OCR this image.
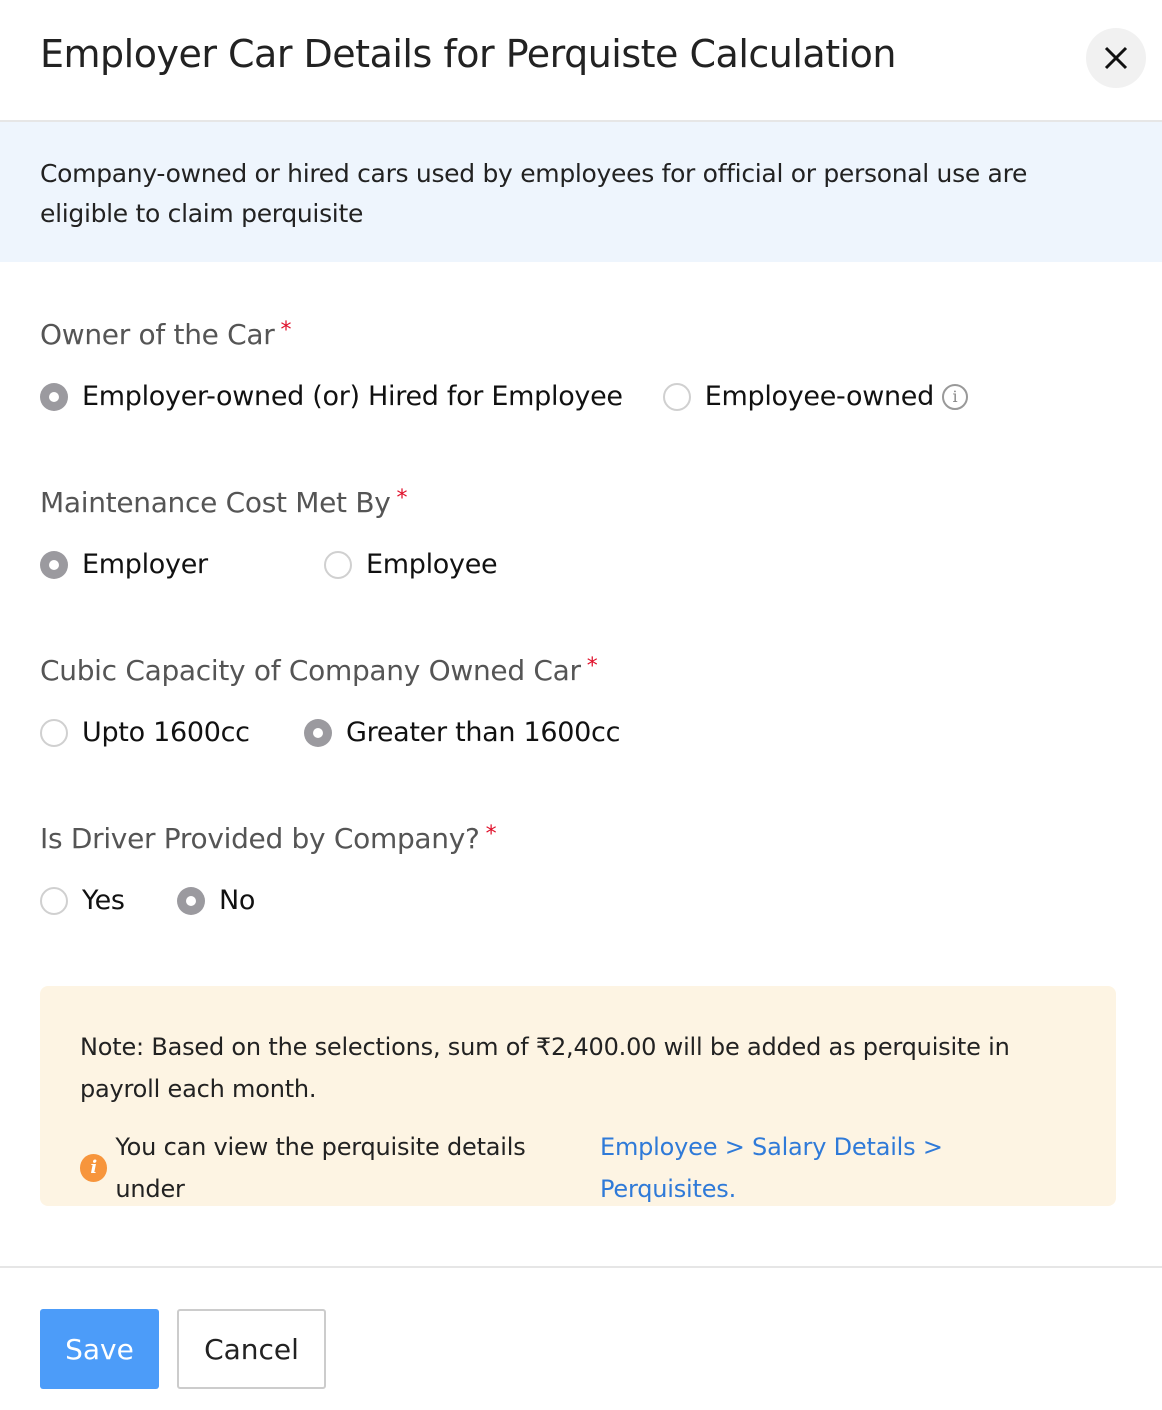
Employer Car Details for Perquiste Calculation
Company-owned or hired cars used by employees for official or personal use are eligible to claim perquisite
Owner of the Car *
Employer-owned (or) Hired for Employee	Employee-owned	i
Maintenance Cost Met By *
Employer	Employee
Cubic Capacity of Company Owned Car *
Upto 1600cc	Greater than 1600cc
Is Driver Provided by Company? *
Yes	No
Note: Based on the selections, sum of ₹2,400.00 will be added as perquisite in payroll each month.
i
You can view the perquisite details under
Employee > Salary Details > Perquisites.
Save	Cancel
